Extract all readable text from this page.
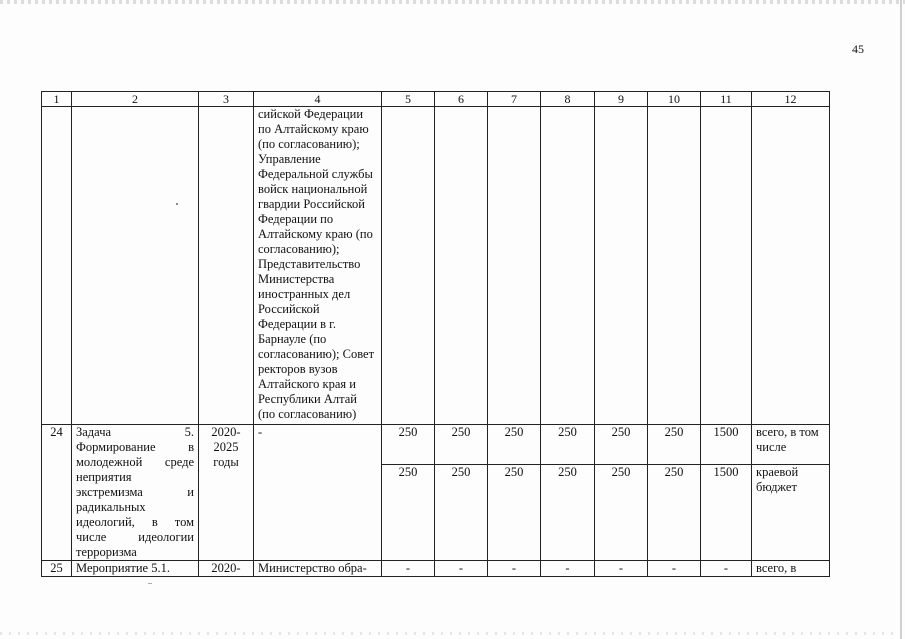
45
1	2	3	4	5	6	7	8	9	10	11	12
			сийской Федерации по Алтайскому краю (по согласованию); Управление Федеральной службы войск национальной гвардии Российской Федерации по Алтайскому краю (по согласованию); Представительство Министерства иностранных дел Российской Федерации в г. Барнауле (по согласованию); Совет ректоров вузов Алтайского края и Республики Алтай (по согласованию)								
24	Задача 5. Формирование в молодежной среде неприятия экстремизма и радикальных идеологий, в том числе идеологии терроризма	2020-2025 годы	-	250	250	250	250	250	250	1500	всего, в том числе
				250	250	250	250	250	250	1500	краевой бюджет
25	Мероприятие 5.1.	2020-	Министерство обра-	-	-	-	-	-	-	-	всего, в
